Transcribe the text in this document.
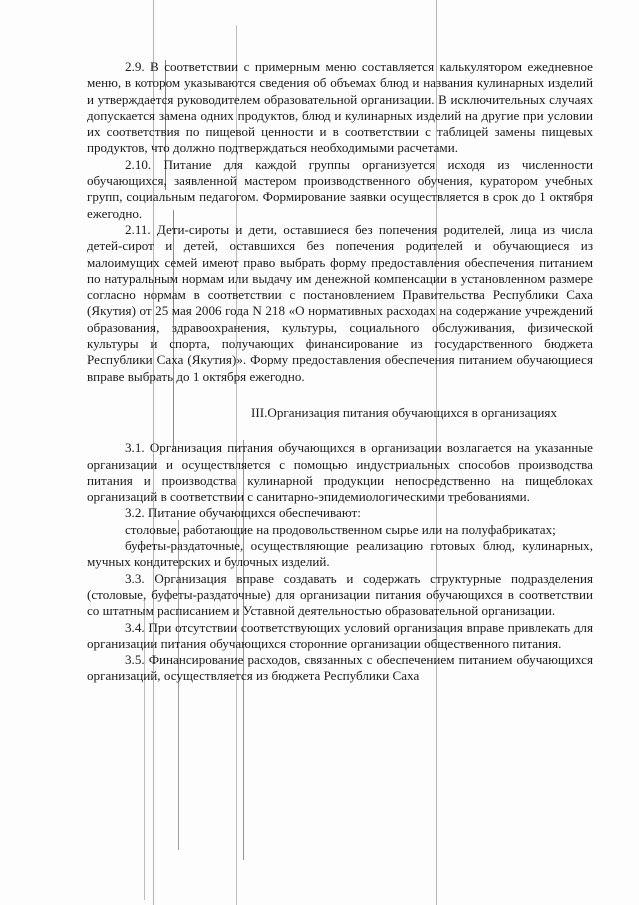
2.9. В соответствии с примерным меню составляется калькулятором ежедневное меню, в котором указываются сведения об объемах блюд и названия кулинарных изделий и утверждается руководителем образовательной организации. В исключительных случаях допускается замена одних продуктов, блюд и кулинарных изделий на другие при условии их соответствия по пищевой ценности и в соответствии с таблицей замены пищевых продуктов, что должно подтверждаться необходимыми расчетами.

2.10. Питание для каждой группы организуется исходя из численности обучающихся, заявленной мастером производственного обучения, куратором учебных групп, социальным педагогом. Формирование заявки осуществляется в срок до 1 октября ежегодно.

2.11. Дети-сироты и дети, оставшиеся без попечения родителей, лица из числа детей-сирот и детей, оставшихся без попечения родителей и обучающиеся из малоимущих семей имеют право выбрать форму предоставления обеспечения питанием по натуральным нормам или выдачу им денежной компенсации в установленном размере согласно нормам в соответствии с постановлением Правительства Республики Саха (Якутия) от 25 мая 2006 года N 218 «О нормативных расходах на содержание учреждений образования, здравоохранения, культуры, социального обслуживания, физической культуры и спорта, получающих финансирование из государственного бюджета Республики Саха (Якутия)». Форму предоставления обеспечения питанием обучающиеся вправе выбрать до 1 октября ежегодно.

III.Организация питания обучающихся в организациях

3.1. Организация питания обучающихся в организации возлагается на указанные организации и осуществляется с помощью индустриальных способов производства питания и производства кулинарной продукции непосредственно на пищеблоках организаций в соответствии с санитарно-эпидемиологическими требованиями.

3.2. Питание обучающихся обеспечивают:

столовые, работающие на продовольственном сырье или на полуфабрикатах;

буфеты-раздаточные, осуществляющие реализацию готовых блюд, кулинарных, мучных кондитерских и булочных изделий.

3.3. Организация вправе создавать и содержать структурные подразделения (столовые, буфеты-раздаточные) для организации питания обучающихся в соответствии со штатным расписанием и Уставной деятельностью образовательной организации.

3.4. При отсутствии соответствующих условий организация вправе привлекать для организации питания обучающихся сторонние организации общественного питания.

3.5. Финансирование расходов, связанных с обеспечением питанием обучающихся организаций, осуществляется из бюджета Республики Саха
